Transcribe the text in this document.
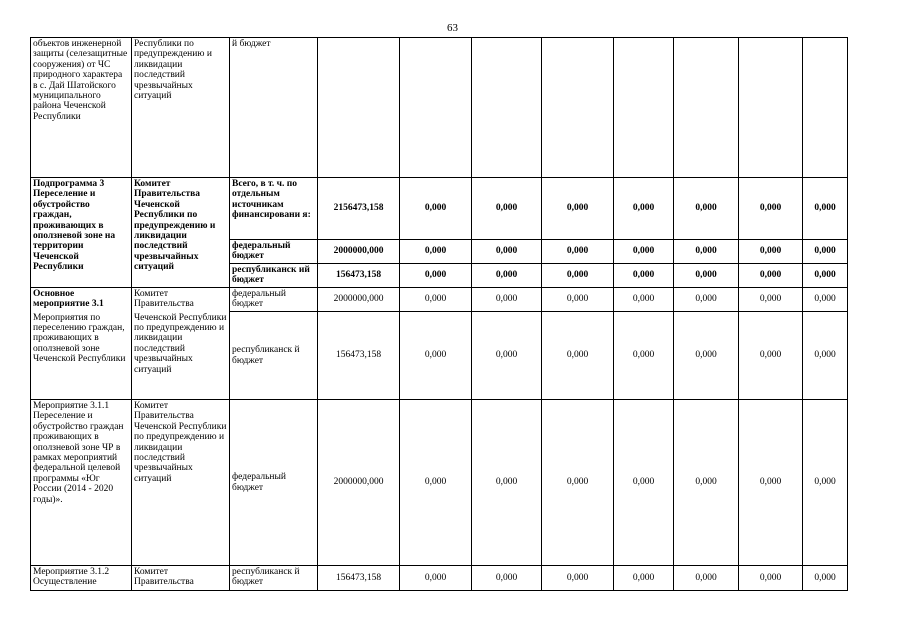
63
объектов инженерной защиты (селезащитные сооружения) от ЧС природного характера в с. Дай Шатойского муниципального района Чеченской Республики	Республики по предупреждению и ликвидации последствий чрезвычайных ситуаций	й бюджет								
Подпрограмма 3 Переселение и обустройство граждан, проживающих в оползневой зоне на территории Чеченской Республики	Комитет Правительства Чеченской Республики по предупреждению и ликвидации последствий чрезвычайных ситуаций	Всего, в т. ч. по отдельным источникам финансировани я:	2156473,158	0,000	0,000	0,000	0,000	0,000	0,000	0,000
		федеральный бюджет	2000000,000	0,000	0,000	0,000	0,000	0,000	0,000	0,000
		республиканск ий бюджет	156473,158	0,000	0,000	0,000	0,000	0,000	0,000	0,000
Основное мероприятие 3.1	Комитет Правительства	федеральный бюджет	2000000,000	0,000	0,000	0,000	0,000	0,000	0,000	0,000
Мероприятия по переселению граждан, проживающих в оползневой зоне Чеченской Республики	Чеченской Республики по предупреждению и ликвидации последствий чрезвычайных ситуаций	республиканск й бюджет	156473,158	0,000	0,000	0,000	0,000	0,000	0,000	0,000
Мероприятие 3.1.1 Переселение и обустройство граждан проживающих в оползневой зоне ЧР в рамках мероприятий федеральной целевой программы «Юг России (2014 - 2020 годы)».	Комитет Правительства Чеченской Республики по предупреждению и ликвидации последствий чрезвычайных ситуаций	федеральный бюджет	2000000,000	0,000	0,000	0,000	0,000	0,000	0,000	0,000
Мероприятие 3.1.2 Осуществление	Комитет Правительства	республиканск й бюджет	156473,158	0,000	0,000	0,000	0,000	0,000	0,000	0,000
